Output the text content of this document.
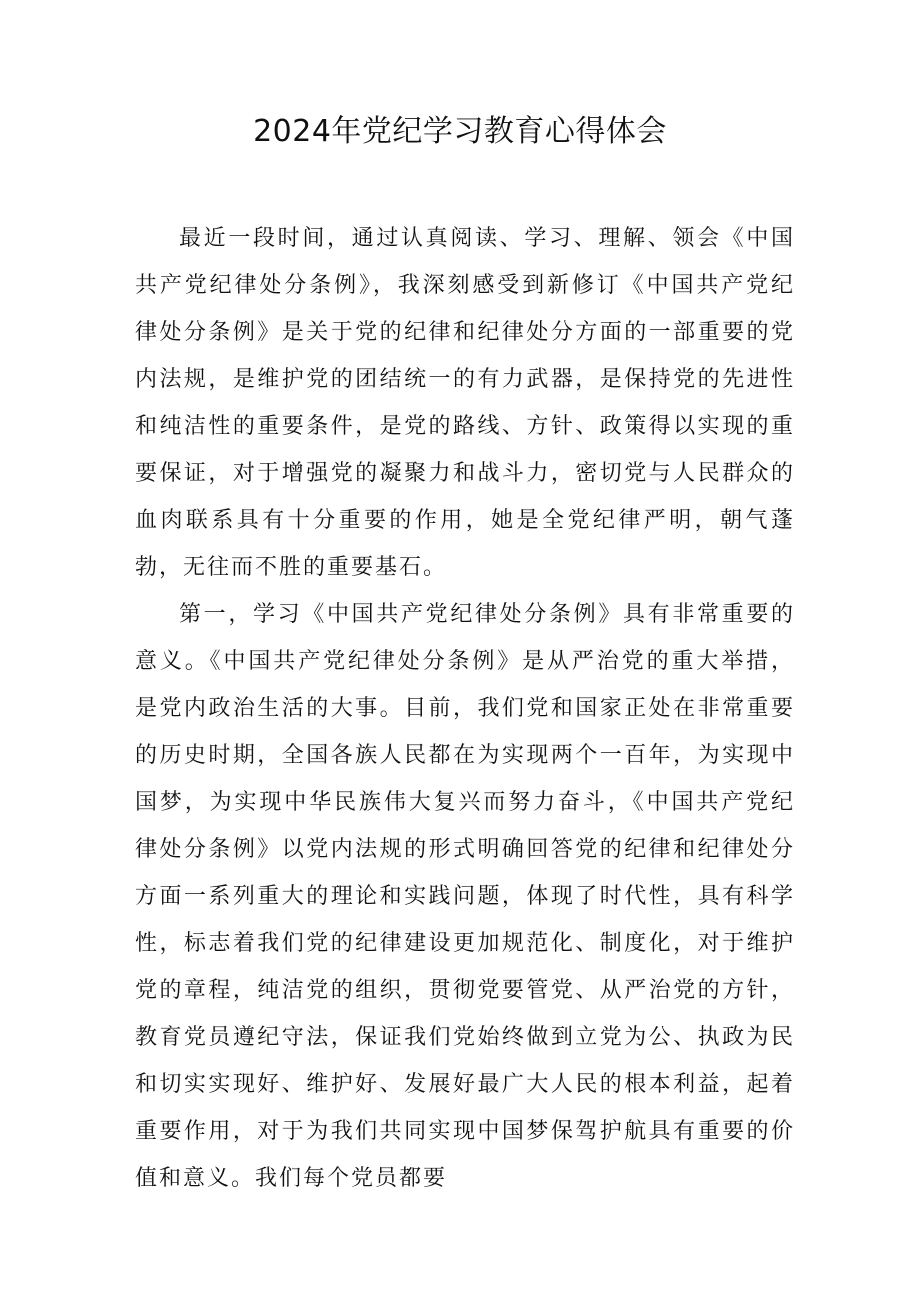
2024年党纪学习教育心得体会

最近一段时间，通过认真阅读、学习、理解、领会《中国共产党纪律处分条例》，我深刻感受到新修订《中国共产党纪律处分条例》是关于党的纪律和纪律处分方面的一部重要的党内法规，是维护党的团结统一的有力武器，是保持党的先进性和纯洁性的重要条件，是党的路线、方针、政策得以实现的重要保证，对于增强党的凝聚力和战斗力，密切党与人民群众的血肉联系具有十分重要的作用，她是全党纪律严明，朝气蓬勃，无往而不胜的重要基石。

第一，学习《中国共产党纪律处分条例》具有非常重要的意义。《中国共产党纪律处分条例》是从严治党的重大举措，是党内政治生活的大事。目前，我们党和国家正处在非常重要的历史时期，全国各族人民都在为实现两个一百年，为实现中国梦，为实现中华民族伟大复兴而努力奋斗，《中国共产党纪律处分条例》以党内法规的形式明确回答党的纪律和纪律处分方面一系列重大的理论和实践问题，体现了时代性，具有科学性，标志着我们党的纪律建设更加规范化、制度化，对于维护党的章程，纯洁党的组织，贯彻党要管党、从严治党的方针，教育党员遵纪守法，保证我们党始终做到立党为公、执政为民和切实实现好、维护好、发展好最广大人民的根本利益，起着重要作用，对于为我们共同实现中国梦保驾护航具有重要的价值和意义。我们每个党员都要
